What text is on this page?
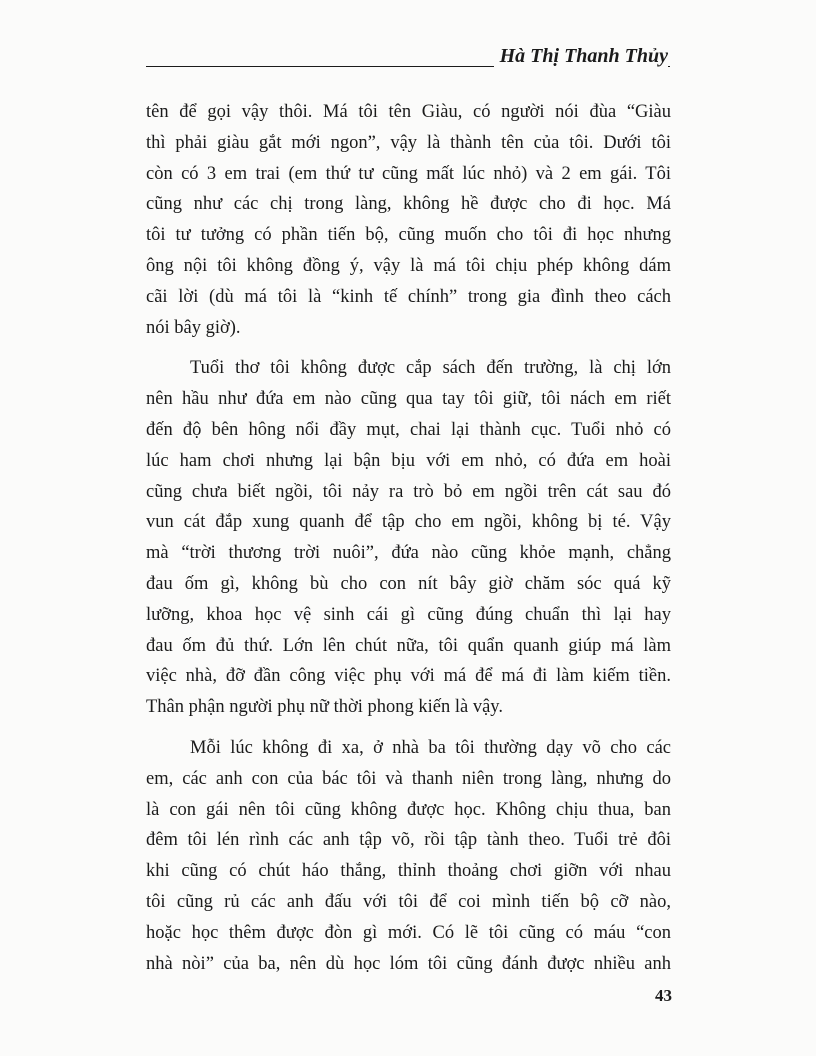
Hà Thị Thanh Thủy
tên để gọi vậy thôi. Má tôi tên Giàu, có người nói đùa “Giàu
thì phải giàu gắt mới ngon”, vậy là thành tên của tôi. Dưới tôi
còn có 3 em trai (em thứ tư cũng mất lúc nhỏ) và 2 em gái. Tôi
cũng như các chị trong làng, không hề được cho đi học. Má
tôi tư tưởng có phần tiến bộ, cũng muốn cho tôi đi học nhưng
ông nội tôi không đồng ý, vậy là má tôi chịu phép không dám
cãi lời (dù má tôi là “kinh tế chính” trong gia đình theo cách
nói bây giờ).
Tuổi thơ tôi không được cắp sách đến trường, là chị lớn
nên hầu như đứa em nào cũng qua tay tôi giữ, tôi nách em riết
đến độ bên hông nổi đầy mụt, chai lại thành cục. Tuổi nhỏ có
lúc ham chơi nhưng lại bận bịu với em nhỏ, có đứa em hoài
cũng chưa biết ngồi, tôi nảy ra trò bỏ em ngồi trên cát sau đó
vun cát đắp xung quanh để tập cho em ngồi, không bị té. Vậy
mà “trời thương trời nuôi”, đứa nào cũng khỏe mạnh, chẳng
đau ốm gì, không bù cho con nít bây giờ chăm sóc quá kỹ
lưỡng, khoa học vệ sinh cái gì cũng đúng chuẩn thì lại hay
đau ốm đủ thứ. Lớn lên chút nữa, tôi quẩn quanh giúp má làm
việc nhà, đỡ đần công việc phụ với má để má đi làm kiếm tiền.
Thân phận người phụ nữ thời phong kiến là vậy.
Mỗi lúc không đi xa, ở nhà ba tôi thường dạy võ cho các
em, các anh con của bác tôi và thanh niên trong làng, nhưng do
là con gái nên tôi cũng không được học. Không chịu thua, ban
đêm tôi lén rình các anh tập võ, rồi tập tành theo. Tuổi trẻ đôi
khi cũng có chút háo thắng, thỉnh thoảng chơi giỡn với nhau
tôi cũng rủ các anh đấu với tôi để coi mình tiến bộ cỡ nào,
hoặc học thêm được đòn gì mới. Có lẽ tôi cũng có máu “con
nhà nòi” của ba, nên dù học lóm tôi cũng đánh được nhiều anh
43
